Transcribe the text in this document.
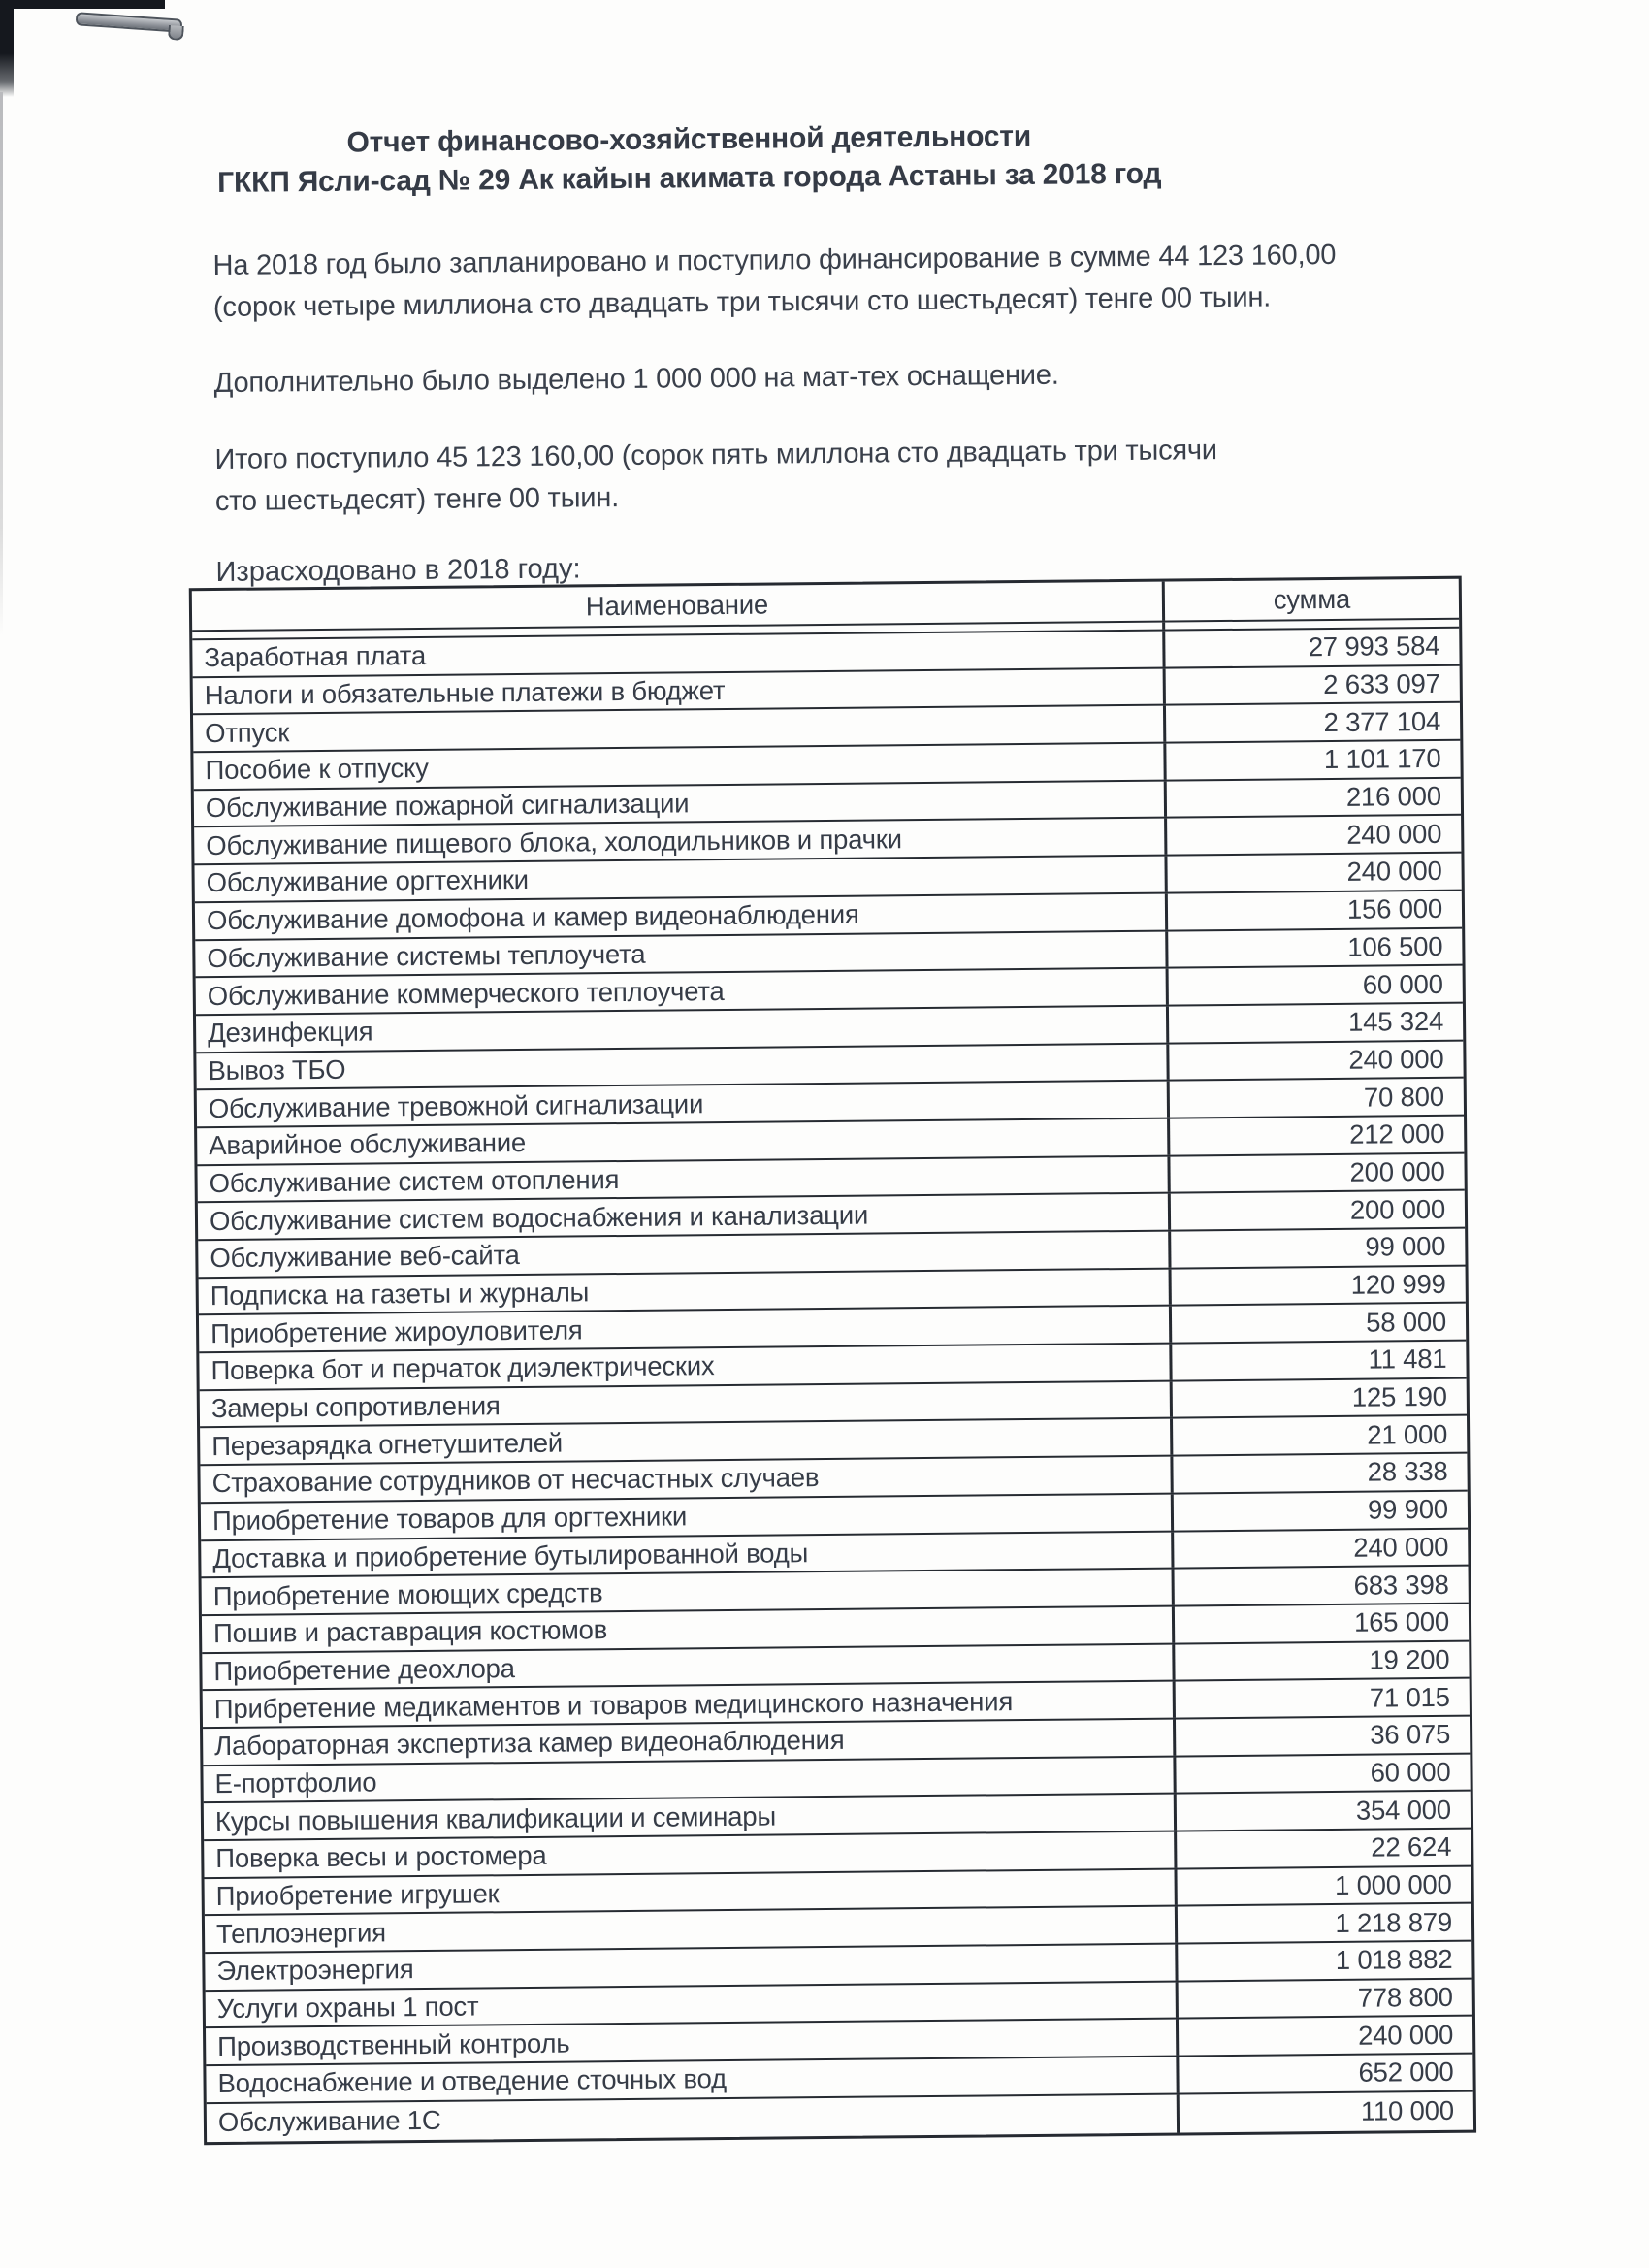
Отчет финансово-хозяйственной деятельности
ГККП Ясли-сад № 29 Ак кайын акимата города Астаны за 2018 год
На 2018 год было запланировано и поступило финансирование в сумме 44 123 160,00
(сорок четыре миллиона сто двадцать три тысячи сто шестьдесят) тенге 00 тыин.
Дополнительно было выделено 1 000 000 на мат-тех оснащение.
Итого поступило 45 123 160,00 (сорок пять миллона сто двадцать три тысячи
сто шестьдесят) тенге 00 тыин.
Израсходовано в 2018 году:
Наименование	сумма
Заработная плата	27 993 584
Налоги и обязательные платежи в бюджет	2 633 097
Отпуск	2 377 104
Пособие к отпуску	1 101 170
Обслуживание пожарной сигнализации	216 000
Обслуживание пищевого блока, холодильников и прачки	240 000
Обслуживание оргтехники	240 000
Обслуживание домофона и камер видеонаблюдения	156 000
Обслуживание системы теплоучета	106 500
Обслуживание коммерческого теплоучета	60 000
Дезинфекция	145 324
Вывоз ТБО	240 000
Обслуживание тревожной сигнализации	70 800
Аварийное обслуживание	212 000
Обслуживание систем отопления	200 000
Обслуживание систем водоснабжения и канализации	200 000
Обслуживание веб-сайта	99 000
Подписка на газеты и журналы	120 999
Приобретение жироуловителя	58 000
Поверка бот и перчаток диэлектрических	11 481
Замеры сопротивления	125 190
Перезарядка огнетушителей	21 000
Страхование сотрудников от несчастных случаев	28 338
Приобретение товаров для оргтехники	99 900
Доставка и приобретение бутылированной воды	240 000
Приобретение моющих средств	683 398
Пошив и раставрация костюмов	165 000
Приобретение деохлора	19 200
Прибретение медикаментов и товаров медицинского назначения	71 015
Лабораторная экспертиза камер видеонаблюдения	36 075
Е-портфолио	60 000
Курсы повышения квалификации и семинары	354 000
Поверка весы и ростомера	22 624
Приобретение игрушек	1 000 000
Теплоэнергия	1 218 879
Электроэнергия	1 018 882
Услуги охраны 1 пост	778 800
Производственный контроль	240 000
Водоснабжение и отведение сточных вод	652 000
Обслуживание 1С	110 000
